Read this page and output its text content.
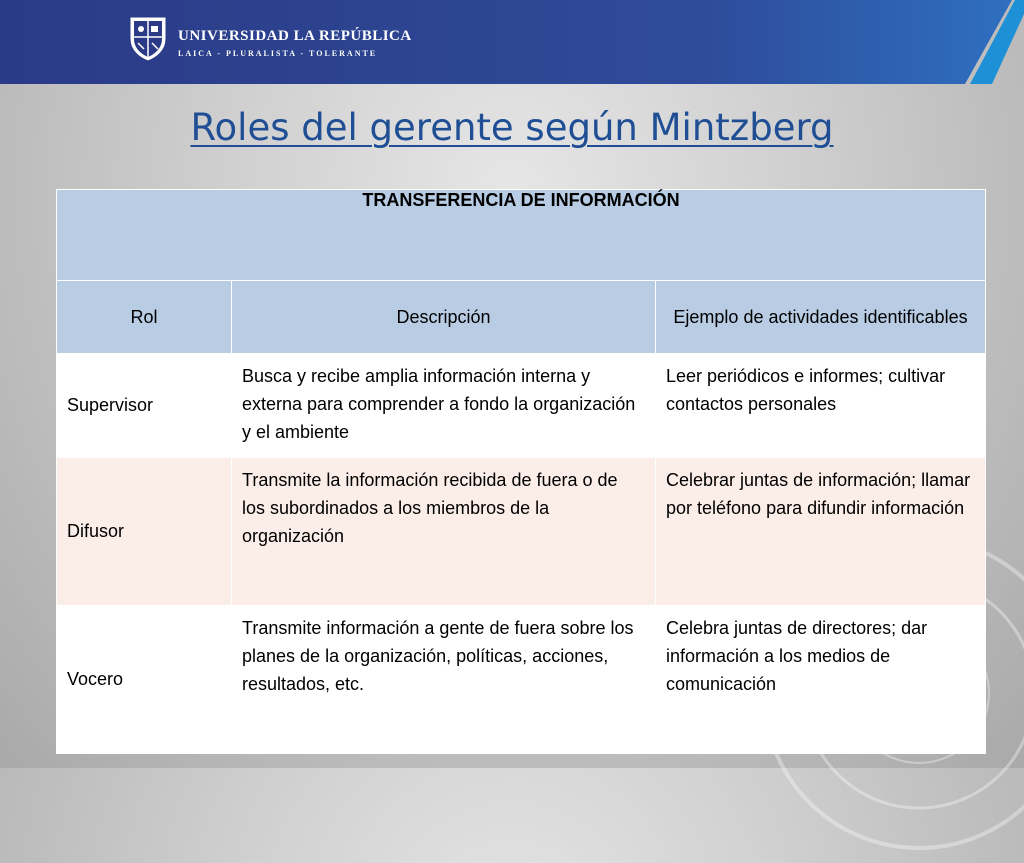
UNIVERSIDAD LA REPÚBLICA
LAICA - PLURALISTA - TOLERANTE
Roles del gerente según Mintzberg
TRANSFERENCIA DE INFORMACIÓN		
Rol	Descripción	Ejemplo de actividades identificables
Supervisor	Busca y recibe amplia información interna y externa para comprender a fondo la organización y el ambiente	Leer periódicos e informes; cultivar contactos personales
Difusor	Transmite la información recibida de fuera o de los subordinados a los miembros de la organización	Celebrar juntas de información; llamar por teléfono para difundir información
Vocero	Transmite información a gente de fuera sobre los planes de la organización, políticas, acciones, resultados, etc.	Celebra juntas de directores; dar información a los medios de comunicación
